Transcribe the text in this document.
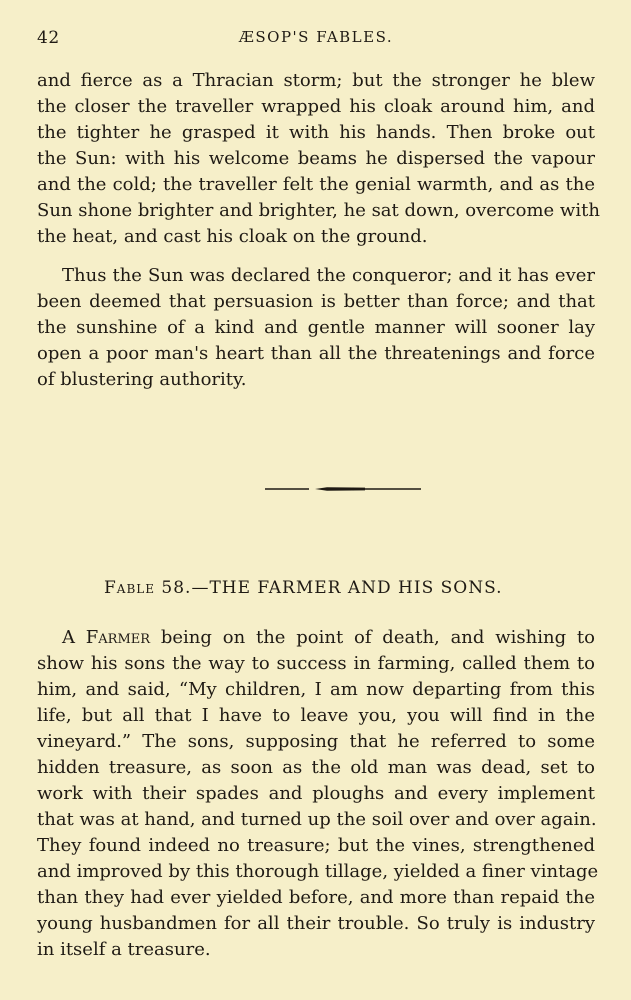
42	ÆSOP'S FABLES.
and fierce as a Thracian storm; but the stronger he blew
the closer the traveller wrapped his cloak around him, and
the tighter he grasped it with his hands. Then broke out
the Sun: with his welcome beams he dispersed the vapour
and the cold; the traveller felt the genial warmth, and as the
Sun shone brighter and brighter, he sat down, overcome with
the heat, and cast his cloak on the ground.
Thus the Sun was declared the conqueror; and it has ever
been deemed that persuasion is better than force; and that
the sunshine of a kind and gentle manner will sooner lay
open a poor man's heart than all the threatenings and force
of blustering authority.
Fable 58.—THE FARMER AND HIS SONS.
A Farmer being on the point of death, and wishing to
show his sons the way to success in farming, called them to
him, and said, “My children, I am now departing from this
life, but all that I have to leave you, you will find in the
vineyard.” The sons, supposing that he referred to some
hidden treasure, as soon as the old man was dead, set to
work with their spades and ploughs and every implement
that was at hand, and turned up the soil over and over again.
They found indeed no treasure; but the vines, strengthened
and improved by this thorough tillage, yielded a finer vintage
than they had ever yielded before, and more than repaid the
young husbandmen for all their trouble. So truly is industry
in itself a treasure.
